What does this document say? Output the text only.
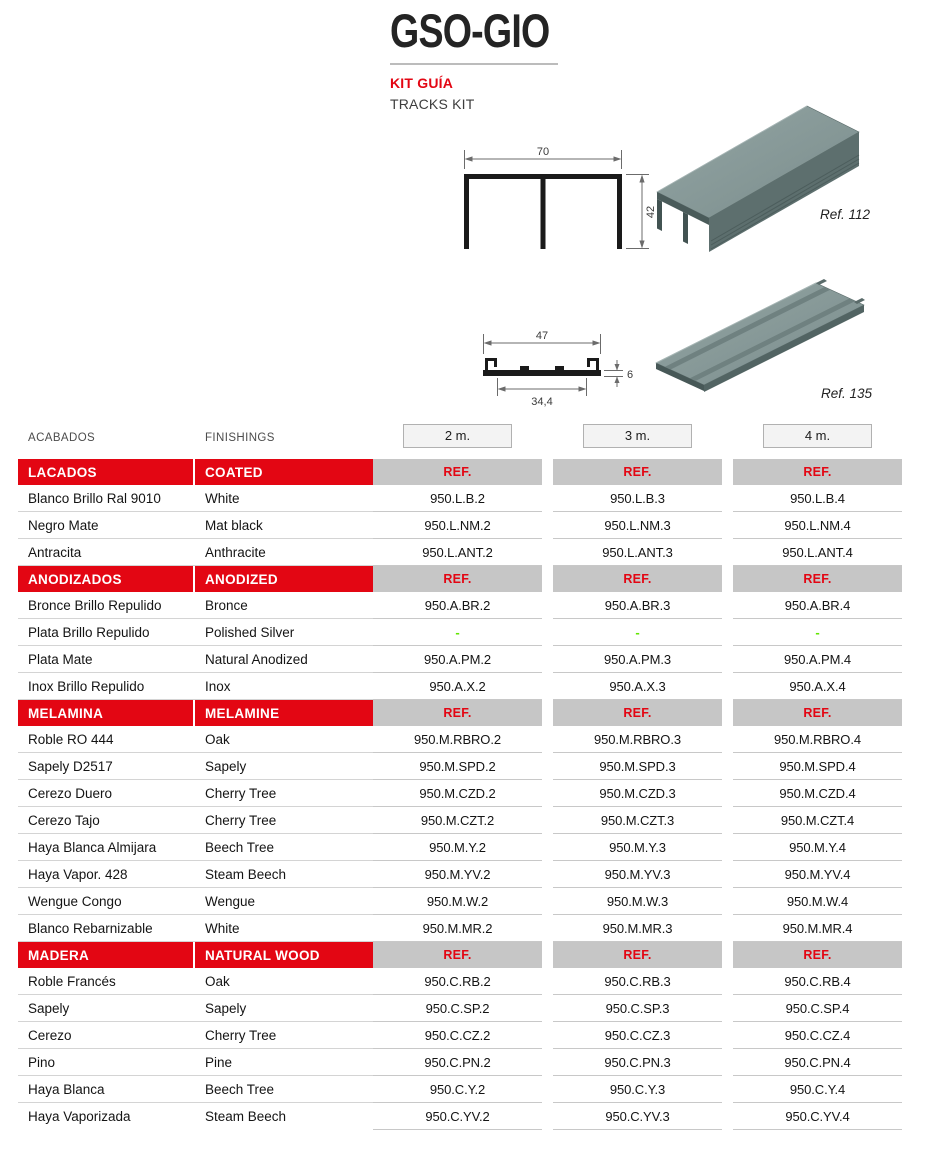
GSO-GIO
KIT GUÍA
TRACKS KIT
70
42	Ref. 112
47
34,4
6
Ref. 135
ACABADOS	FINISHINGS	2 m.	3 m.	4 m.
LACADOS	COATED	REF.	REF.	REF.
Blanco Brillo Ral 9010	White	950.L.B.2	950.L.B.3	950.L.B.4
Negro Mate	Mat black	950.L.NM.2	950.L.NM.3	950.L.NM.4
Antracita	Anthracite	950.L.ANT.2	950.L.ANT.3	950.L.ANT.4
ANODIZADOS	ANODIZED	REF.	REF.	REF.
Bronce Brillo Repulido	Bronce	950.A.BR.2	950.A.BR.3	950.A.BR.4
Plata Brillo Repulido	Polished Silver	-	-	-
Plata Mate	Natural Anodized	950.A.PM.2	950.A.PM.3	950.A.PM.4
Inox Brillo Repulido	Inox	950.A.X.2	950.A.X.3	950.A.X.4
MELAMINA	MELAMINE	REF.	REF.	REF.
Roble RO 444	Oak	950.M.RBRO.2	950.M.RBRO.3	950.M.RBRO.4
Sapely D2517	Sapely	950.M.SPD.2	950.M.SPD.3	950.M.SPD.4
Cerezo Duero	Cherry Tree	950.M.CZD.2	950.M.CZD.3	950.M.CZD.4
Cerezo Tajo	Cherry Tree	950.M.CZT.2	950.M.CZT.3	950.M.CZT.4
Haya Blanca Almijara	Beech Tree	950.M.Y.2	950.M.Y.3	950.M.Y.4
Haya Vapor. 428	Steam Beech	950.M.YV.2	950.M.YV.3	950.M.YV.4
Wengue Congo	Wengue	950.M.W.2	950.M.W.3	950.M.W.4
Blanco Rebarnizable	White	950.M.MR.2	950.M.MR.3	950.M.MR.4
MADERA	NATURAL WOOD	REF.	REF.	REF.
Roble Francés	Oak	950.C.RB.2	950.C.RB.3	950.C.RB.4
Sapely	Sapely	950.C.SP.2	950.C.SP.3	950.C.SP.4
Cerezo	Cherry Tree	950.C.CZ.2	950.C.CZ.3	950.C.CZ.4
Pino	Pine	950.C.PN.2	950.C.PN.3	950.C.PN.4
Haya Blanca	Beech Tree	950.C.Y.2	950.C.Y.3	950.C.Y.4
Haya Vaporizada	Steam Beech	950.C.YV.2	950.C.YV.3	950.C.YV.4
